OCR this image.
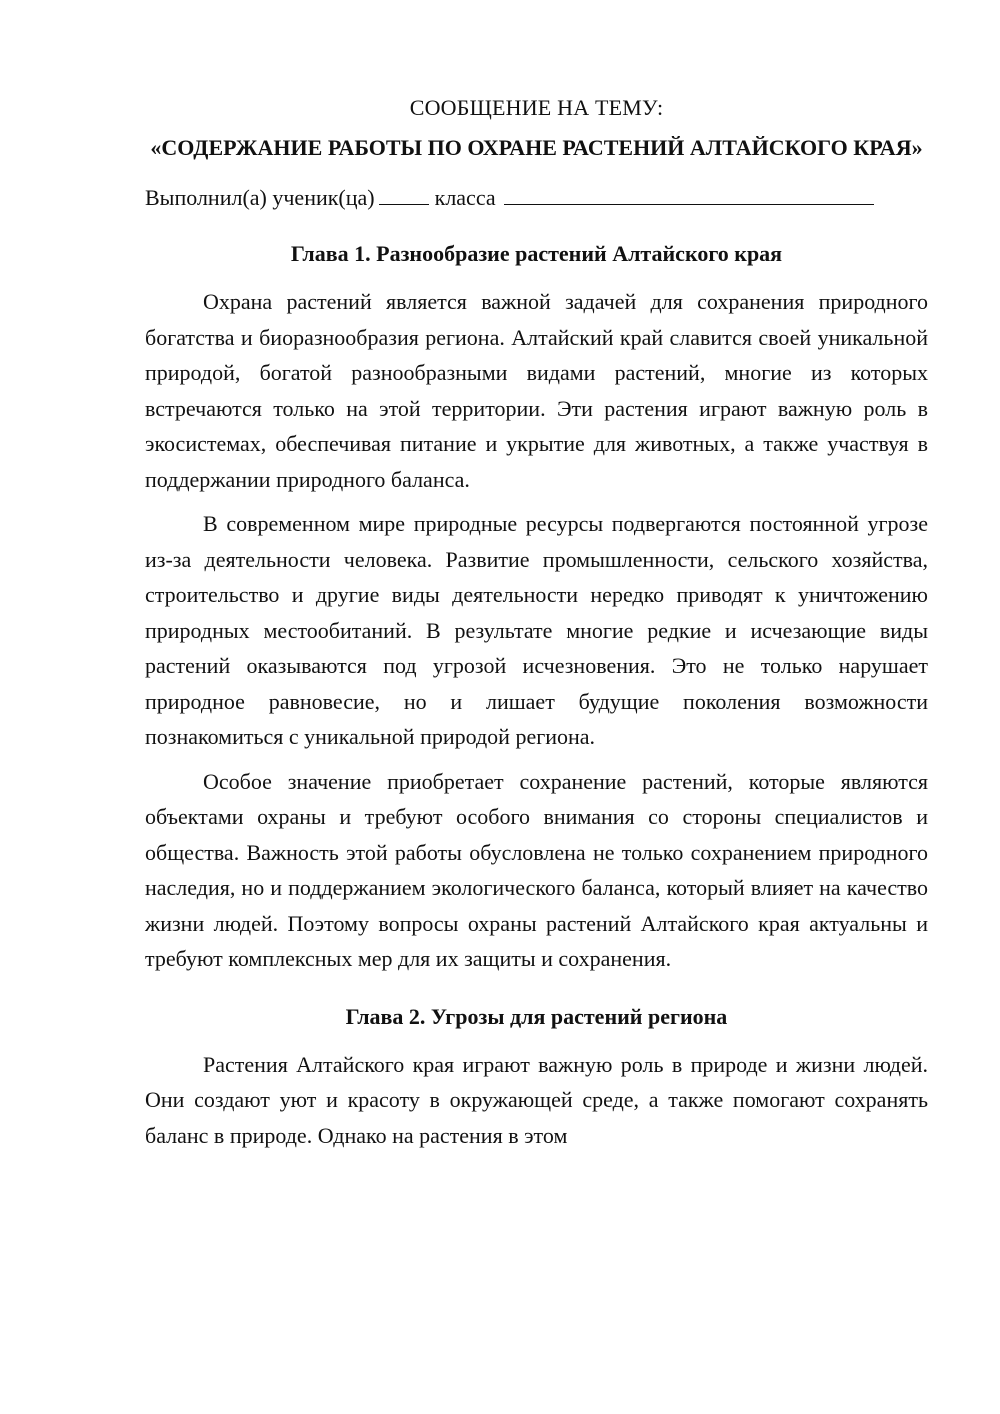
СООБЩЕНИЕ НА ТЕМУ:
«СОДЕРЖАНИЕ РАБОТЫ ПО ОХРАНЕ РАСТЕНИЙ АЛТАЙСКОГО КРАЯ»
Выполнил(а) ученик(ца)	класса
Глава 1. Разнообразие растений Алтайского края

Охрана растений является важной задачей для сохранения природного богатства и биоразнообразия региона. Алтайский край славится своей уникальной природой, богатой разнообразными видами растений, многие из которых встречаются только на этой территории. Эти растения играют важную роль в экосистемах, обеспечивая питание и укрытие для животных, а также участвуя в поддержании природного баланса.

В современном мире природные ресурсы подвергаются постоянной угрозе из-за деятельности человека. Развитие промышленности, сельского хозяйства, строительство и другие виды деятельности нередко приводят к уничтожению природных местообитаний. В результате многие редкие и исчезающие виды растений оказываются под угрозой исчезновения. Это не только нарушает природное равновесие, но и лишает будущие поколения возможности познакомиться с уникальной природой региона.

Особое значение приобретает сохранение растений, которые являются объектами охраны и требуют особого внимания со стороны специалистов и общества. Важность этой работы обусловлена не только сохранением природного наследия, но и поддержанием экологического баланса, который влияет на качество жизни людей. Поэтому вопросы охраны растений Алтайского края актуальны и требуют комплексных мер для их защиты и сохранения.

Глава 2. Угрозы для растений региона

Растения Алтайского края играют важную роль в природе и жизни людей. Они создают уют и красоту в окружающей среде, а также помогают сохранять баланс в природе. Однако на растения в этом
